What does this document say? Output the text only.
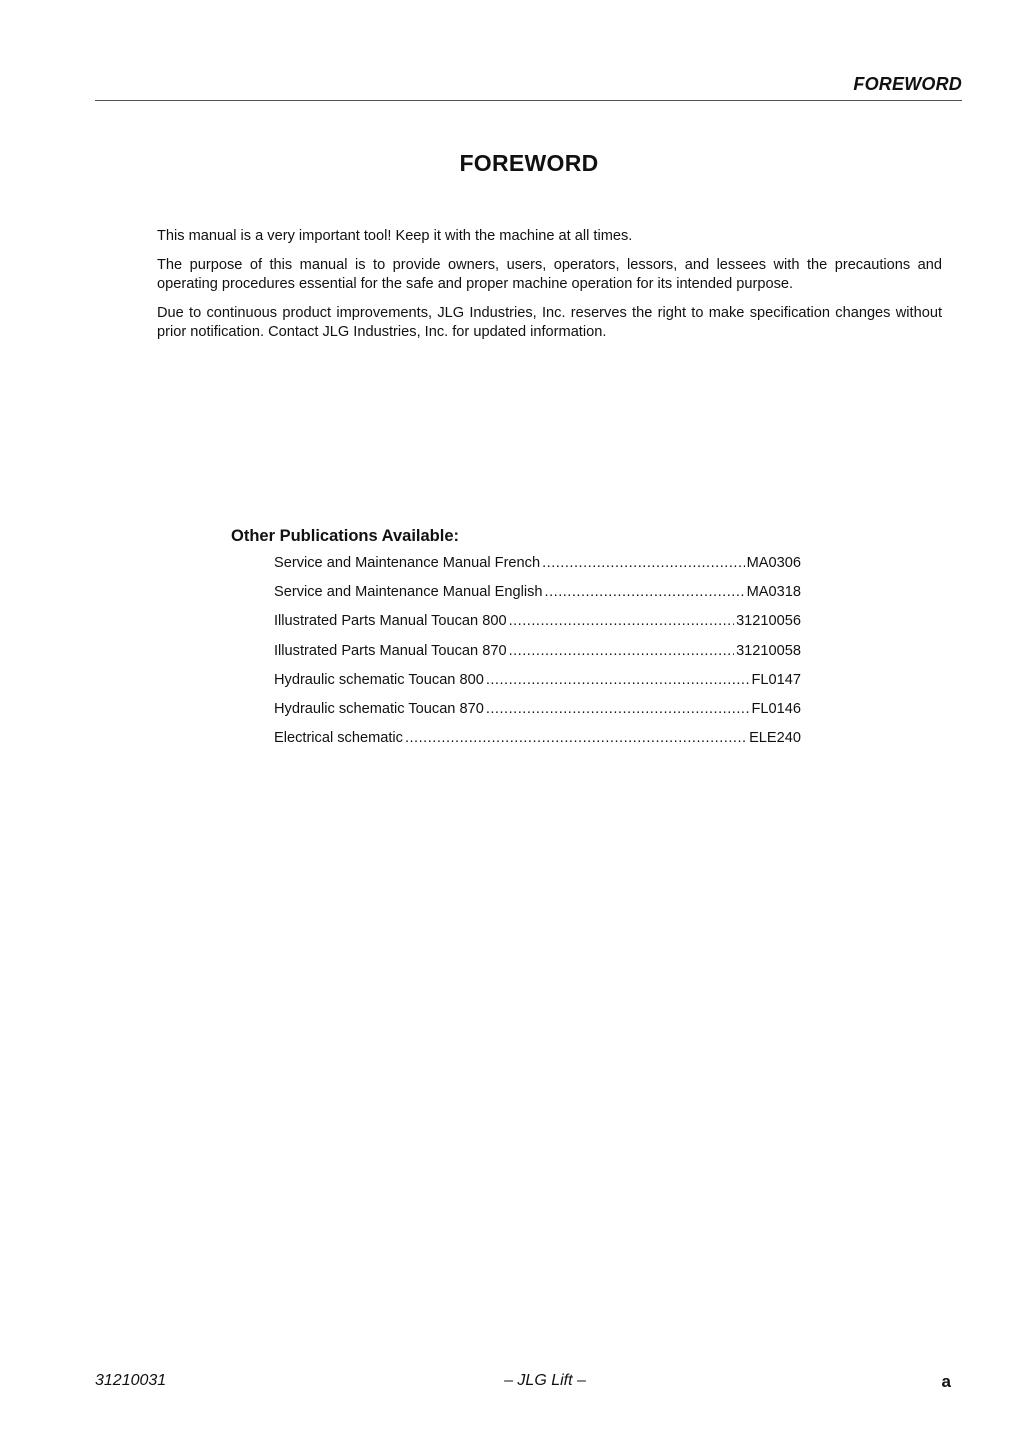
FOREWORD
FOREWORD

This manual is a very important tool! Keep it with the machine at all times.

The purpose of this manual is to provide owners, users, operators, lessors, and lessees with the precautions and operating procedures essential for the safe and proper machine operation for its intended purpose.

Due to continuous product improvements, JLG Industries, Inc. reserves the right to make specification changes without prior notification. Contact JLG Industries, Inc. for updated information.

Other Publications Available:
Service and Maintenance Manual French .....	MA0306
Service and Maintenance Manual English .....	MA0318
Illustrated Parts Manual Toucan 800 .....	31210056
Illustrated Parts Manual Toucan 870 .....	31210058
Hydraulic schematic Toucan 800 .....	FL0147
Hydraulic schematic Toucan 870 .....	FL0146
Electrical schematic .....	ELE240
31210031	– JLG Lift –	a
